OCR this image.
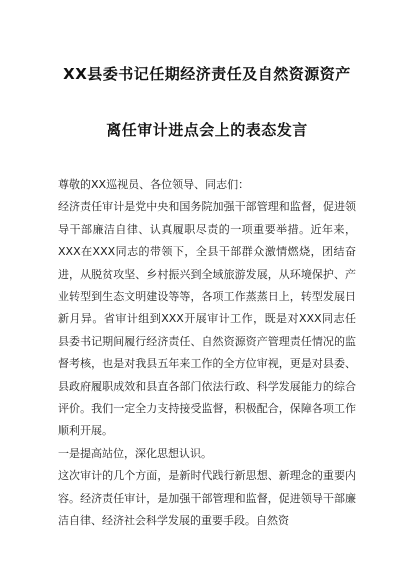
XX县委书记任期经济责任及自然资源资产
离任审计进点会上的表态发言

尊敬的XX巡视员、各位领导、同志们：

经济责任审计是党中央和国务院加强干部管理和监督，促进领导干部廉洁自律、认真履职尽责的一项重要举措。近年来，XXX在XXX同志的带领下，全县干部群众激情燃烧，团结奋进，从脱贫攻坚、乡村振兴到全域旅游发展，从环境保护、产业转型到生态文明建设等等，各项工作蒸蒸日上，转型发展日新月异。省审计组到XXX开展审计工作，既是对XXX同志任县委书记期间履行经济责任、自然资源资产管理责任情况的监督考核，也是对我县五年来工作的全方位审视，更是对县委、县政府履职成效和县直各部门依法行政、科学发展能力的综合评价。我们一定全力支持接受监督，积极配合，保障各项工作顺利开展。

一是提高站位，深化思想认识。

这次审计的几个方面，是新时代践行新思想、新理念的重要内容。经济责任审计，是加强干部管理和监督，促进领导干部廉洁自律、经济社会科学发展的重要手段。自然资
